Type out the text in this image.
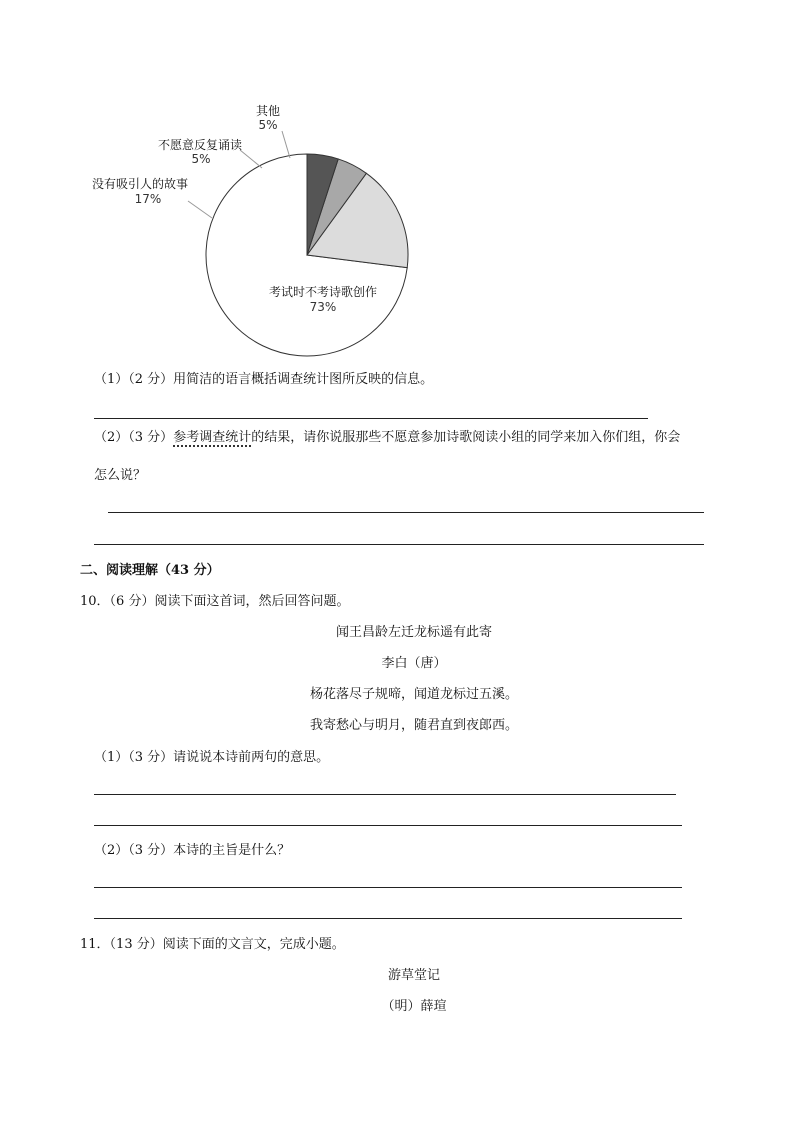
考试时不考诗歌创作
73%
没有吸引人的故事
17%
不愿意反复诵读
5%
其他
5%
（1）（2 分）用简洁的语言概括调查统计图所反映的信息。
（2）（3 分）参考调查统计的结果，请你说服那些不愿意参加诗歌阅读小组的同学来加入你们组，你会
怎么说？
二、阅读理解（43 分）
10．（6 分）阅读下面这首词，然后回答问题。
闻王昌龄左迁龙标遥有此寄
李白（唐）
杨花落尽子规啼，闻道龙标过五溪。
我寄愁心与明月，随君直到夜郎西。
（1）（3 分）请说说本诗前两句的意思。
（2）（3 分）本诗的主旨是什么？
11．（13 分）阅读下面的文言文，完成小题。
游草堂记
（明）薛瑄
